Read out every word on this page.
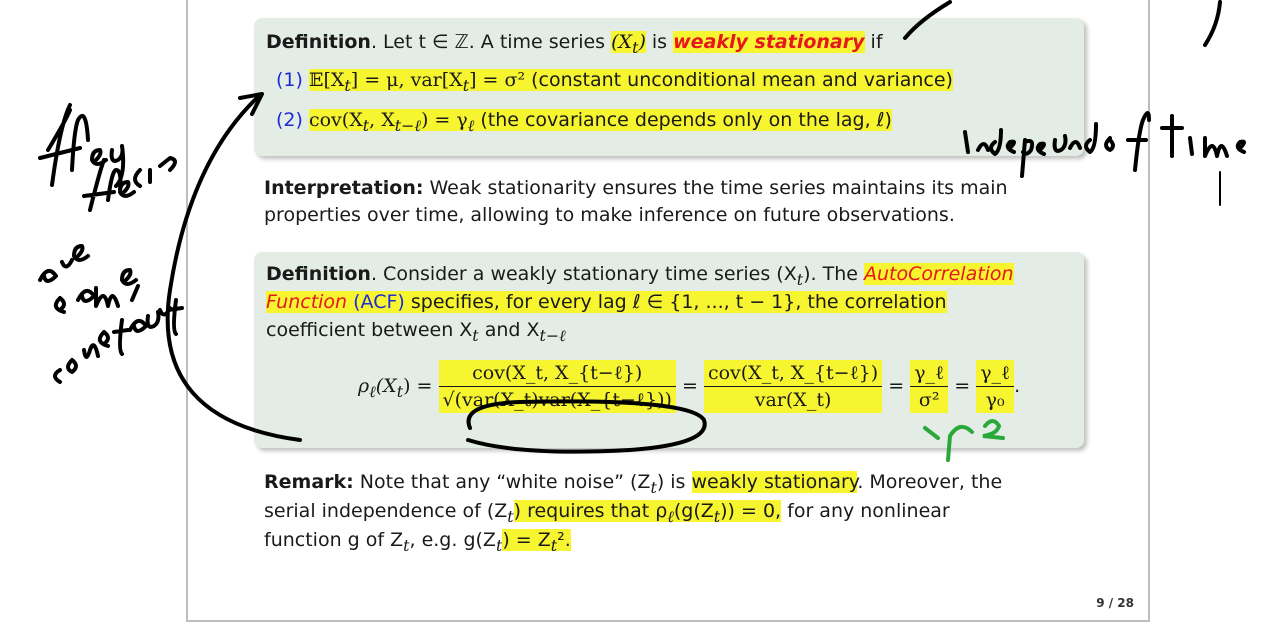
Definition. Let t ∈ ℤ. A time series $(X_t)$ is weakly stationary if
(1) $𝔼[X_t] = \mu$, $var[X_t] = \sigma^2$ (constant unconditional mean and variance)
(2) $cov(X_t$, $X_{t-\ell}) = \gamma_\ell$ (the covariance depends only on the lag, ℓ)
Interpretation: Weak stationarity ensures the time series maintains its main
properties over time, allowing to make inference on future observations.
Definition. Consider a weakly stationary time series $(X_t)$. The AutoCorrelation
Function (ACF) specifies, for every lag ℓ ∈ {1, ..., t − 1}, the correlation
coefficient between $X_t$ and $X_{t-\ell}$
$\rho_\ell(X_t) = \frac{\text{cov(X\_t, X\_\{t−ℓ\})}}{\text{√(var(X\_t)var(X\_\{t−ℓ\}))}} = \frac{\text{cov(X\_t, X\_\{t−ℓ\})}}{\text{var(X\_t)}} = \frac{\text{γ\_ℓ}}{\text{σ²}} = \frac{\text{γ\_ℓ}}{\text{γ₀}}$ .
Remark: Note that any “white noise” $(Z_t)$ is weakly stationary. Moreover, the
serial independence of $(Z_t)$ requires that $\rho_\ell(g(Z_t)) = 0$, for any nonlinear
function g of $Z_t$, e.g. $g(Z_t) = Z_t^2$.
9 / 28
